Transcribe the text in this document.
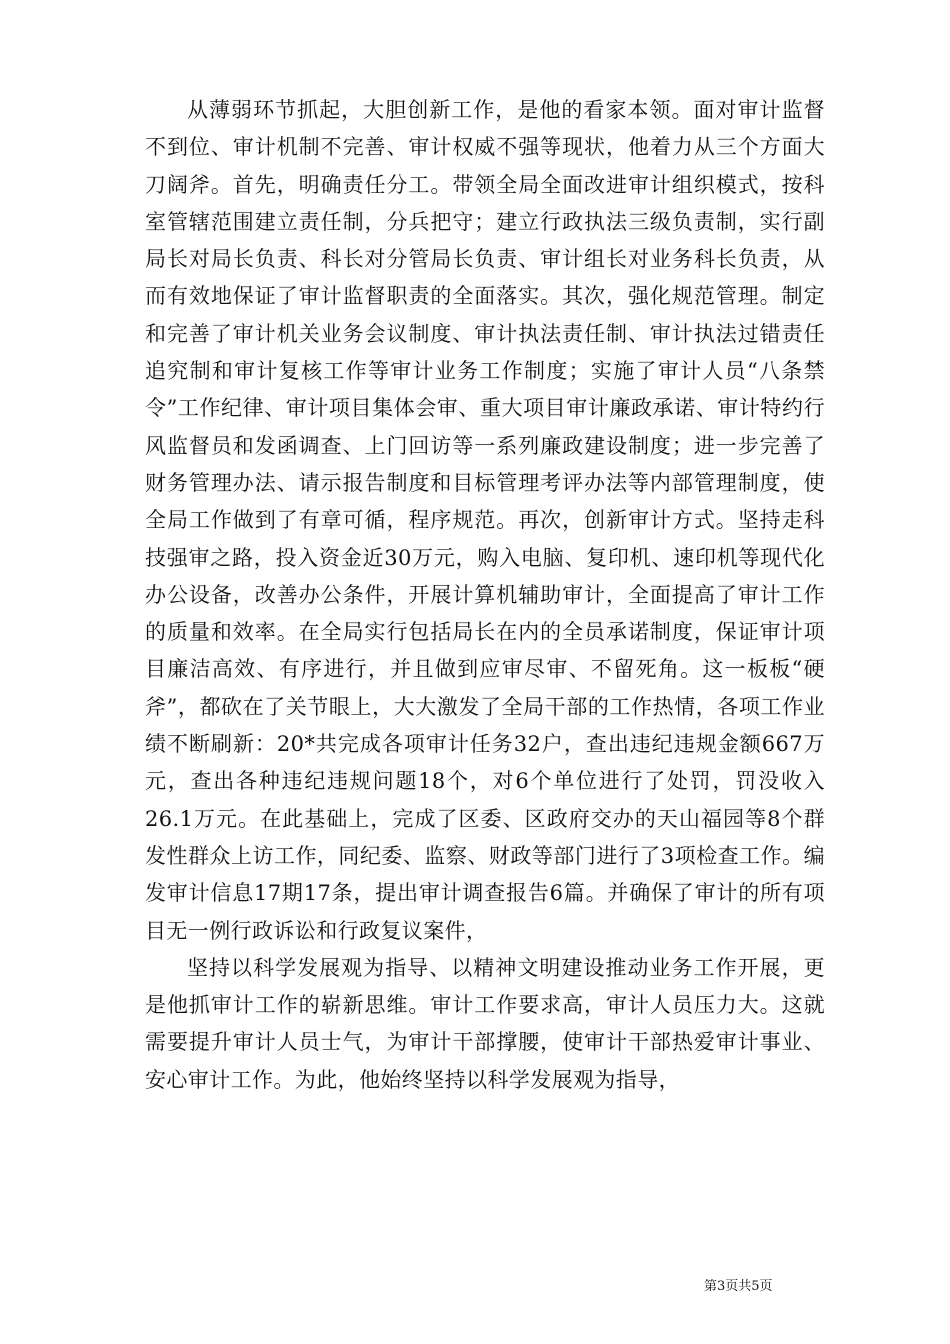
从薄弱环节抓起，大胆创新工作，是他的看家本领。面对审计监督不到位、审计机制不完善、审计权威不强等现状，他着力从三个方面大刀阔斧。首先，明确责任分工。带领全局全面改进审计组织模式，按科室管辖范围建立责任制，分兵把守；建立行政执法三级负责制，实行副局长对局长负责、科长对分管局长负责、审计组长对业务科长负责，从而有效地保证了审计监督职责的全面落实。其次，强化规范管理。制定和完善了审计机关业务会议制度、审计执法责任制、审计执法过错责任追究制和审计复核工作等审计业务工作制度；实施了审计人员“八条禁令”工作纪律、审计项目集体会审、重大项目审计廉政承诺、审计特约行风监督员和发函调查、上门回访等一系列廉政建设制度；进一步完善了财务管理办法、请示报告制度和目标管理考评办法等内部管理制度，使全局工作做到了有章可循，程序规范。再次，创新审计方式。坚持走科技强审之路，投入资金近30万元，购入电脑、复印机、速印机等现代化办公设备，改善办公条件，开展计算机辅助审计，全面提高了审计工作的质量和效率。在全局实行包括局长在内的全员承诺制度，保证审计项目廉洁高效、有序进行，并且做到应审尽审、不留死角。这一板板“硬斧”，都砍在了关节眼上，大大激发了全局干部的工作热情，各项工作业绩不断刷新：20*共完成各项审计任务32户，查出违纪违规金额667万元，查出各种违纪违规问题18个，对6个单位进行了处罚，罚没收入26.1万元。在此基础上，完成了区委、区政府交办的天山福园等8个群发性群众上访工作，同纪委、监察、财政等部门进行了3项检查工作。编发审计信息17期17条，提出审计调查报告6篇。并确保了审计的所有项目无一例行政诉讼和行政复议案件，

坚持以科学发展观为指导、以精神文明建设推动业务工作开展，更是他抓审计工作的崭新思维。审计工作要求高，审计人员压力大。这就需要提升审计人员士气，为审计干部撑腰，使审计干部热爱审计事业、安心审计工作。为此，他始终坚持以科学发展观为指导，

第3页共5页
